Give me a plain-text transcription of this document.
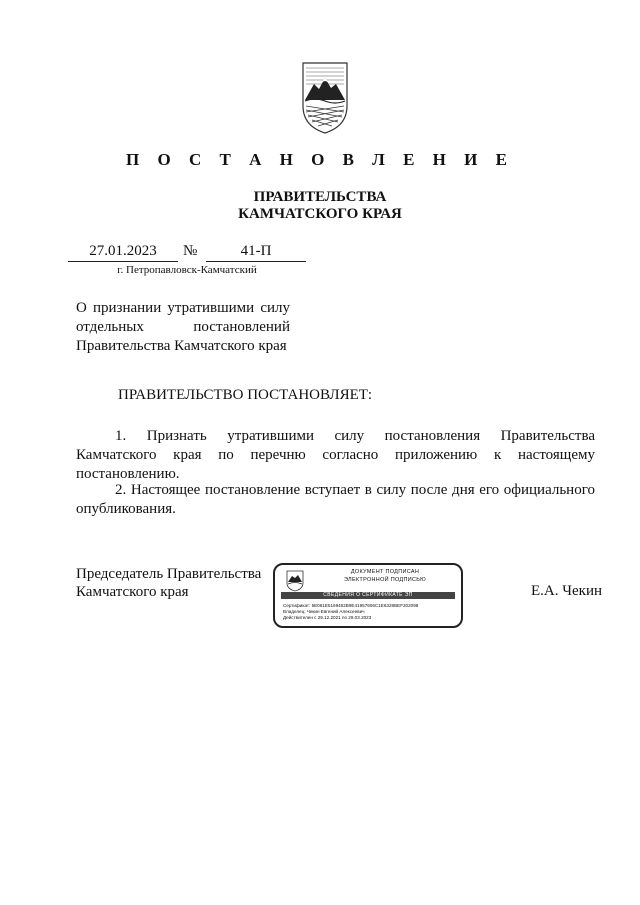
П О С Т А Н О В Л Е Н И Е
ПРАВИТЕЛЬСТВА
КАМЧАТСКОГО КРАЯ
27.01.2023	№	41-П
г. Петропавловск-Камчатский
О признании утратившими силу
отдельных постановлений
Правительства Камчатского края
ПРАВИТЕЛЬСТВО ПОСТАНОВЛЯЕТ:
1. Признать утратившими силу постановления Правительства
Камчатского края по перечню согласно приложению к настоящему
постановлению.
2. Настоящее постановление вступает в силу после дня его официального
опубликования.
Председатель Правительства
Камчатского края	Е.А. Чекин
ДОКУМЕНТ ПОДПИСАН
ЭЛЕКТРОННОЙ ПОДПИСЬЮ
СВЕДЕНИЯ О СЕРТИФИКАТЕ ЭП
Сертификат: 5E061E5169462B9E41957606C1E6328BEF202098
Владелец: Чекин Евгений Алексеевич
Действителен с 29.12.2021 по 29.03.2023
